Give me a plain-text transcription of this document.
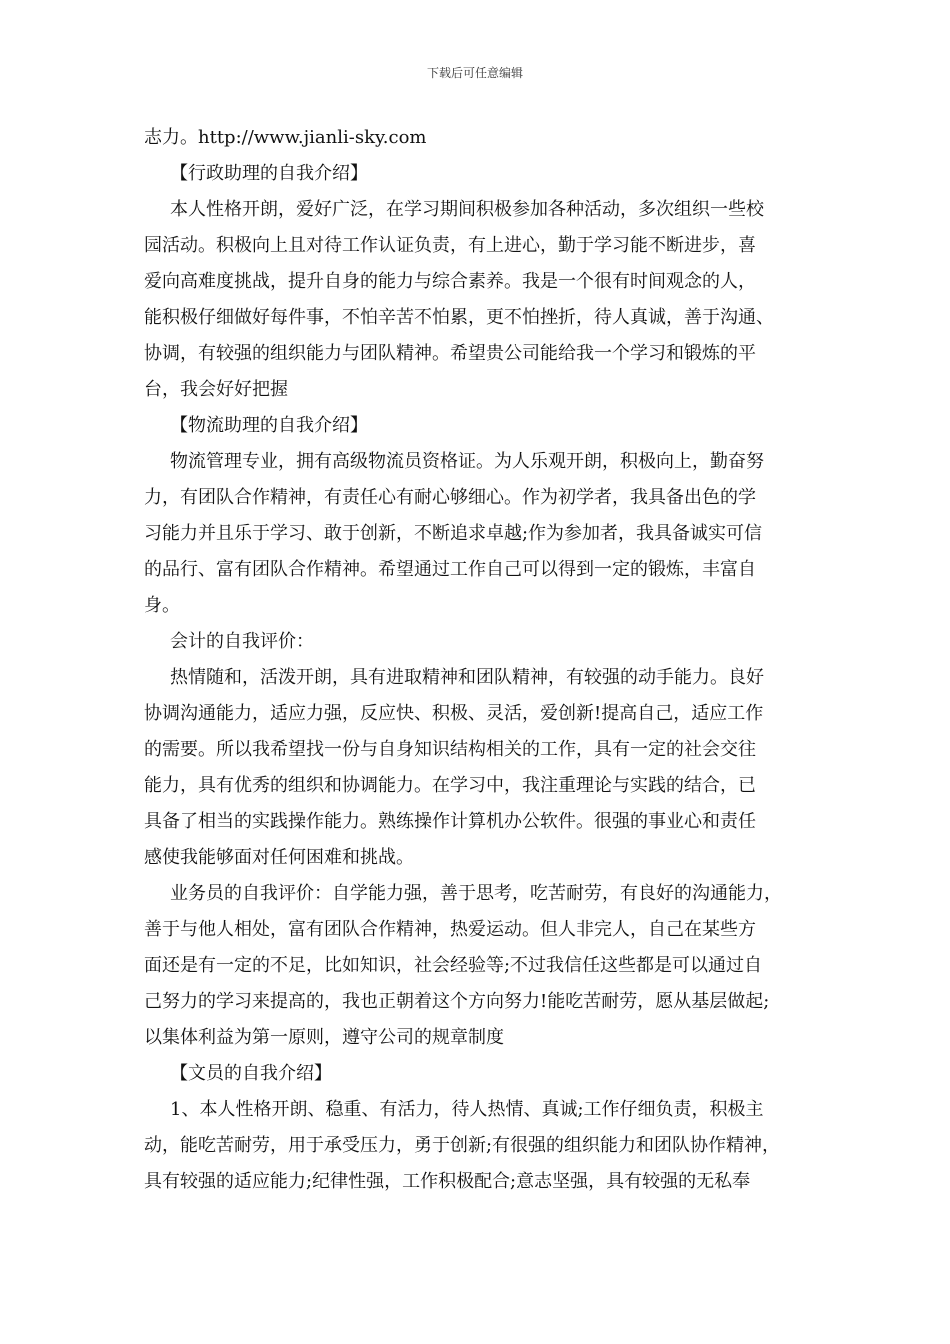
下载后可任意编辑
志力。http://www.jianli-sky.com
【行政助理的自我介绍】
本人性格开朗，爱好广泛，在学习期间积极参加各种活动，多次组织一些校
园活动。积极向上且对待工作认证负责，有上进心，勤于学习能不断进步，喜
爱向高难度挑战，提升自身的能力与综合素养。我是一个很有时间观念的人，
能积极仔细做好每件事，不怕辛苦不怕累，更不怕挫折，待人真诚，善于沟通、
协调，有较强的组织能力与团队精神。希望贵公司能给我一个学习和锻炼的平
台，我会好好把握
【物流助理的自我介绍】
物流管理专业，拥有高级物流员资格证。为人乐观开朗，积极向上，勤奋努
力，有团队合作精神，有责任心有耐心够细心。作为初学者，我具备出色的学
习能力并且乐于学习、敢于创新，不断追求卓越;作为参加者，我具备诚实可信
的品行、富有团队合作精神。希望通过工作自己可以得到一定的锻炼，丰富自
身。
会计的自我评价：
热情随和，活泼开朗，具有进取精神和团队精神，有较强的动手能力。良好
协调沟通能力，适应力强，反应快、积极、灵活，爱创新!提高自己，适应工作
的需要。所以我希望找一份与自身知识结构相关的工作，具有一定的社会交往
能力，具有优秀的组织和协调能力。在学习中，我注重理论与实践的结合，已
具备了相当的实践操作能力。熟练操作计算机办公软件。很强的事业心和责任
感使我能够面对任何困难和挑战。
业务员的自我评价：自学能力强，善于思考，吃苦耐劳，有良好的沟通能力，
善于与他人相处，富有团队合作精神，热爱运动。但人非完人，自己在某些方
面还是有一定的不足，比如知识，社会经验等;不过我信任这些都是可以通过自
己努力的学习来提高的，我也正朝着这个方向努力!能吃苦耐劳，愿从基层做起;
以集体利益为第一原则，遵守公司的规章制度
【文员的自我介绍】
1、本人性格开朗、稳重、有活力，待人热情、真诚;工作仔细负责，积极主
动，能吃苦耐劳，用于承受压力，勇于创新;有很强的组织能力和团队协作精神，
具有较强的适应能力;纪律性强，工作积极配合;意志坚强，具有较强的无私奉
